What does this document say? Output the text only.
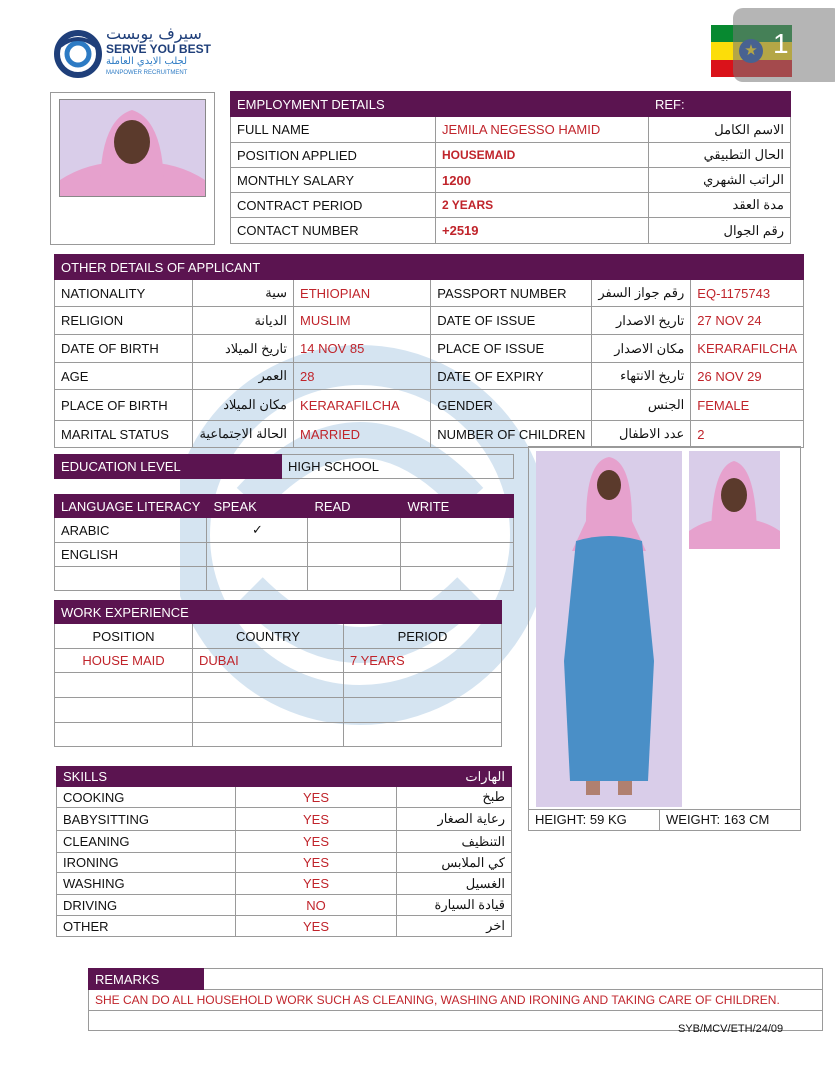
سيرف يوبست
SERVE YOU BEST
لجلب الايدي العاملة
MANPOWER RECRUITMENT
1
EMPLOYMENT DETAILS		REF:
FULL NAME	JEMILA NEGESSO HAMID	الاسم الكامل
POSITION APPLIED	HOUSEMAID	الحال التطبيقي
MONTHLY SALARY	1200	الراتب الشهري
CONTRACT PERIOD	2 YEARS	مدة العقد
CONTACT NUMBER	+2519	رقم الجوال
OTHER DETAILS OF APPLICANT					
NATIONALITY	سية	ETHIOPIAN	PASSPORT NUMBER	رقم جواز السفر	EQ-1175743
RELIGION	الديانة	MUSLIM	DATE OF ISSUE	تاريخ الاصدار	27 NOV 24
DATE OF BIRTH	تاريخ الميلاد	14 NOV 85	PLACE OF ISSUE	مكان الاصدار	KERARAFILCHA
AGE	العمر	28	DATE OF EXPIRY	تاريخ الانتهاء	26 NOV 29
PLACE OF BIRTH	مكان الميلاد	KERARAFILCHA	GENDER	الجنس	FEMALE
MARITAL STATUS	الحالة الاجتماعية	MARRIED	NUMBER OF CHILDREN	عدد الاطفال	2
EDUCATION LEVEL	HIGH SCHOOL
LANGUAGE LITERACY	SPEAK	READ	WRITE
ARABIC	✓		
ENGLISH			

WORK EXPERIENCE		
POSITION	COUNTRY	PERIOD
HOUSE MAID	DUBAI	7 YEARS

HEIGHT: 59 KG	WEIGHT: 163 CM
SKILLS		الهارات
COOKING	YES	طبخ
BABYSITTING	YES	رعاية الصغار
CLEANING	YES	التنظيف
IRONING	YES	كي الملابس
WASHING	YES	الغسيل
DRIVING	NO	قيادة السيارة
OTHER	YES	اخر
REMARKS	
SHE CAN DO ALL HOUSEHOLD WORK SUCH AS CLEANING, WASHING AND IRONING AND TAKING CARE OF CHILDREN.

SYB/MCV/ETH/24/09
